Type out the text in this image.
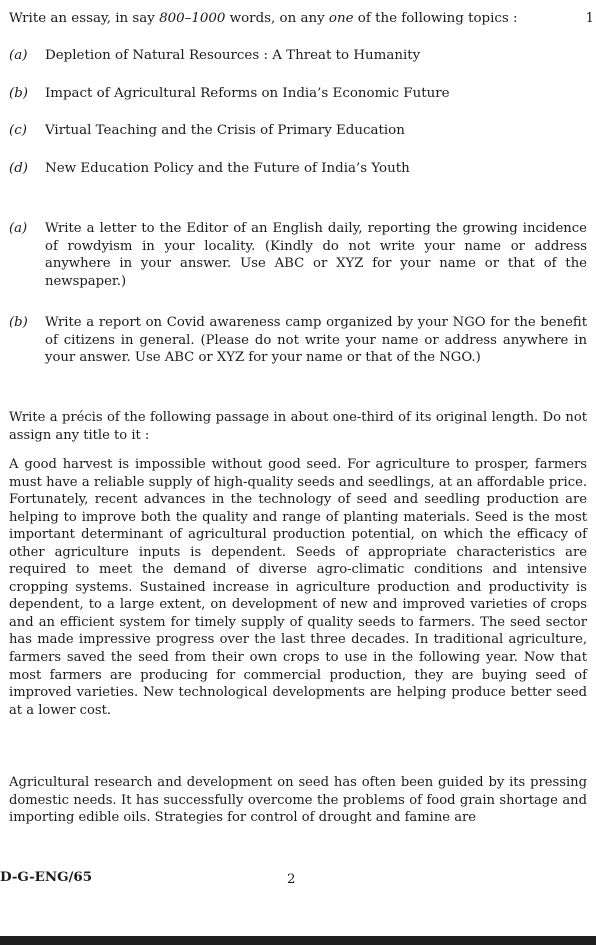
Write an essay, in say 800–1000 words, on any one of the following topics :	1
(a) Depletion of Natural Resources : A Threat to Humanity
(b) Impact of Agricultural Reforms on India’s Economic Future
(c) Virtual Teaching and the Crisis of Primary Education
(d) New Education Policy and the Future of India’s Youth
(a)	Write a letter to the Editor of an English daily, reporting the growing incidence of rowdyism in your locality. (Kindly do not write your name or address anywhere in your answer. Use ABC or XYZ for your name or that of the newspaper.)
(b)	Write a report on Covid awareness camp organized by your NGO for the benefit of citizens in general. (Please do not write your name or address anywhere in your answer. Use ABC or XYZ for your name or that of the NGO.)

Write a précis of the following passage in about one-third of its original length. Do not assign any title to it :

A good harvest is impossible without good seed. For agriculture to prosper, farmers must have a reliable supply of high-quality seeds and seedlings, at an affordable price. Fortunately, recent advances in the technology of seed and seedling production are helping to improve both the quality and range of planting materials. Seed is the most important determinant of agricultural production potential, on which the efficacy of other agriculture inputs is dependent. Seeds of appropriate characteristics are required to meet the demand of diverse agro-climatic conditions and intensive cropping systems. Sustained increase in agriculture production and productivity is dependent, to a large extent, on development of new and improved varieties of crops and an efficient system for timely supply of quality seeds to farmers. The seed sector has made impressive progress over the last three decades. In traditional agriculture, farmers saved the seed from their own crops to use in the following year. Now that most farmers are producing for commercial production, they are buying seed of improved varieties. New technological developments are helping produce better seed at a lower cost.

Agricultural research and development on seed has often been guided by its pressing domestic needs. It has successfully overcome the problems of food grain shortage and importing edible oils. Strategies for control of drought and famine are

D-G-ENG/65	2
